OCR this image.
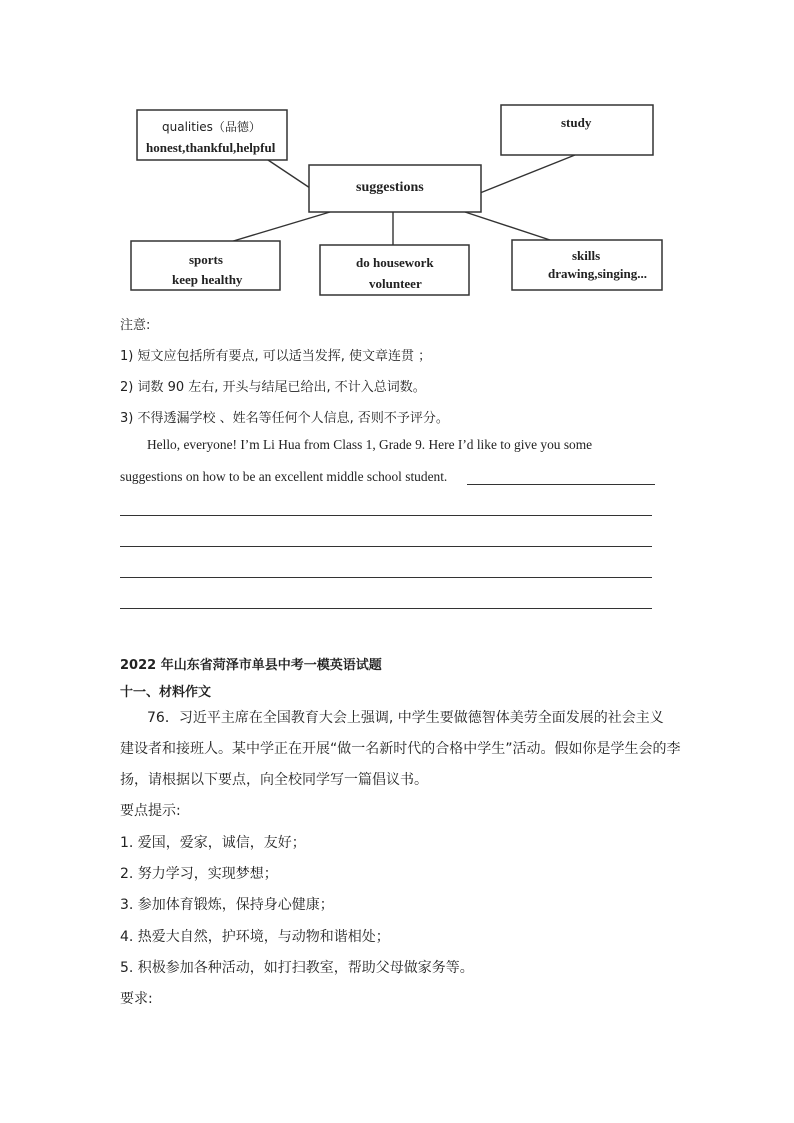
qualities（品德）
honest,thankful,helpful
study
suggestions
sports
keep healthy
do housework
volunteer
skills
drawing,singing...
注意:
1) 短文应包括所有要点, 可以适当发挥, 使文章连贯 ；
2) 词数 90 左右, 开头与结尾已给出, 不计入总词数。
3) 不得透漏学校 、姓名等任何个人信息, 否则不予评分。
Hello, everyone! I’m Li Hua from Class 1, Grade 9. Here I’d like to give you some
suggestions on how to be an excellent middle school student.
2022 年山东省菏泽市单县中考一模英语试题
十一、材料作文
76．习近平主席在全国教育大会上强调, 中学生要做德智体美劳全面发展的社会主义
建设者和接班人。某中学正在开展“做一名新时代的合格中学生”活动。假如你是学生会的李
扬，请根据以下要点，向全校同学写一篇倡议书。
要点提示:
1. 爱国，爱家，诚信，友好；
2. 努力学习，实现梦想；
3. 参加体育锻炼，保持身心健康；
4. 热爱大自然，护环境，与动物和谐相处；
5. 积极参加各种活动，如打扫教室，帮助父母做家务等。
要求:
